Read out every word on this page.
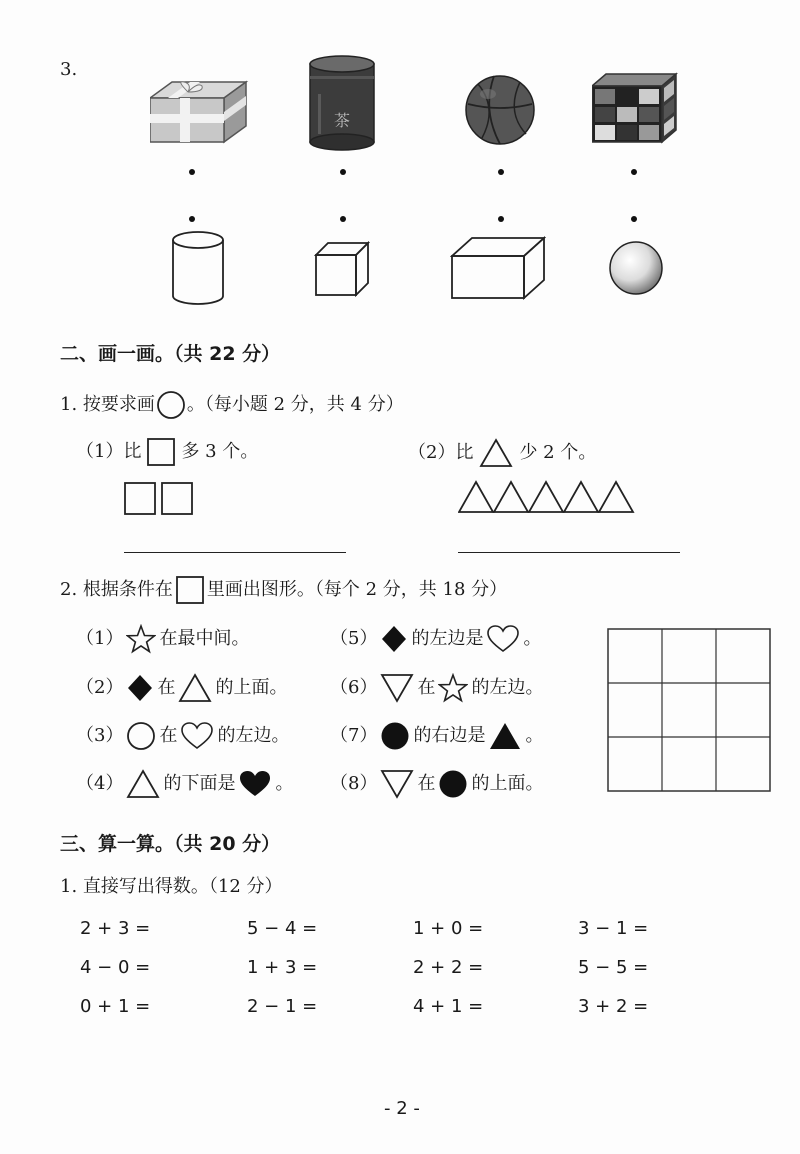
3.
茶
二、画一画。（共 22 分）
1. 按要求画 。（每小题 2 分，共 4 分）
（1）比 多 3 个。	（2）比	少 2 个。
2. 根据条件在 里画出图形。（每个 2 分，共 18 分）
（1） 在最中间。
（2） 在 的上面。
（3） 在 的左边。
（4） 的下面是 。
（5） 的左边是 。
（6） 在 的左边。
（7） 的右边是 。
（8） 在 的上面。
三、算一算。（共 20 分）
1. 直接写出得数。（12 分）
2 + 3 =	5 − 4 =	1 + 0 =	3 − 1 =
4 − 0 =	1 + 3 =	2 + 2 =	5 − 5 =
0 + 1 =	2 − 1 =	4 + 1 =	3 + 2 =
- 2 -
